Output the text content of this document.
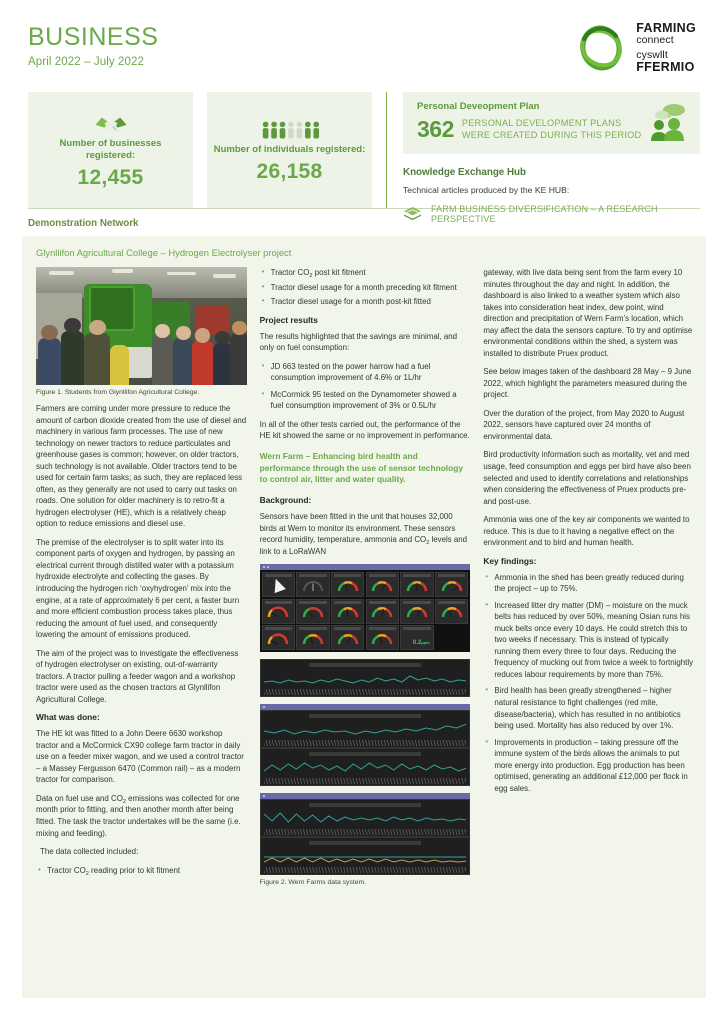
BUSINESS
April 2022 – July 2022
FARMING
connect
cyswllt
FFERMIO
Number of businesses registered:
12,455
Number of individuals registered:
26,158
Personal Deveopment Plan
362 PERSONAL DEVELOPMENT PLANS WERE CREATED DURING THIS PERIOD
Knowledge Exchange Hub
Technical articles produced by the KE HUB:
FARM BUSINESS DIVERSIFICATION – A RESEARCH PERSPECTIVE
Demonstration Network
Glynllifon Agricultural College – Hydrogen Electrolyser project
Figure 1. Students from Glynllifon Agricultural College.

Farmers are coming under more pressure to reduce the amount of carbon dioxide created from the use of diesel and machinery in various farm processes. The use of new technology on newer tractors to reduce particulates and greenhouse gases is common; however, on older tractors, such technology is not available. Older tractors tend to be used for certain farm tasks; as such, they are replaced less often, as they generally are not used to carry out tasks on roads. One solution for older machinery is to retro-fit a hydrogen electrolyser (HE), which is a relatively cheap option to reduce emissions and diesel use.

The premise of the electrolyser is to split water into its component parts of oxygen and hydrogen, by passing an electrical current through distilled water with a potassium hydroxide electrolyte and collecting the gases. By introducing the hydrogen rich ‘oxyhydrogen’ mix into the engine, at a rate of approximately 6 per cent, a faster burn and more efficient combustion process takes place, thus reducing the amount of fuel used, and consequently lowering the amount of emissions produced.

The aim of the project was to investigate the effectiveness of hydrogen electrolyser on existing, out-of-warranty tractors. A tractor pulling a feeder wagon and a workshop tractor were used as the chosen tractors at Glynllifon Agricultural College.

What was done:

The HE kit was fitted to a John Deere 6630 workshop tractor and a McCormick CX90 college farm tractor in daily use on a feeder mixer wagon, and we used a control tractor – a Massey Fergusson 6470 (Common rail) – as a modern tractor for comparison.

Data on fuel use and $CO_2$ emissions was collected for one month prior to fitting, and then another month after being fitted. The task the tractor undertakes will be the same (i.e. mixing and feeding).

The data collected included:

• Tractor $CO_2$ reading prior to kit fitment
• Tractor $CO_2$ post kit fitment
• Tractor diesel usage for a month preceding kit fitment
• Tractor diesel usage for a month post-kit fitted
Project results

The results highlighted that the savings are minimal, and only on fuel consumption:

• JD 663 tested on the power harrow had a fuel consumption improvement of 4.6% or 1L/hr
• McCormick 95 tested on the Dynamometer showed a fuel consumption improvement of 3% or 0.5L/hr

In all of the other tests carried out, the performance of the HE kit showed the same or no improvement in performance.

Wern Farm – Enhancing bird health and performance through the use of sensor technology to control air, litter and water quality.
Background:

Sensors have been fitted in the unit that houses 32,000 birds at Wern to monitor its environment. These sensors record humidity, temperature, ammonia and $CO_2$ levels and link to a LoRaWAN

0.2ppm
Figure 2. Wern Farms data system.

gateway, with live data being sent from the farm every 10 minutes throughout the day and night. In addition, the dashboard is also linked to a weather system which also takes into consideration heat index, dew point, wind direction and precipitation of Wern Farm’s location, which may affect the data the sensors capture. To try and optimise environmental conditions within the shed, a system was installed to distribute Pruex product.

See below images taken of the dashboard 28 May – 9 June 2022, which highlight the parameters measured during the project.

Over the duration of the project, from May 2020 to August 2022, sensors have captured over 24 months of environmental data.

Bird productivity information such as mortality, vet and med usage, feed consumption and eggs per bird have also been selected and used to identify correlations and relationships when considering the effectiveness of Pruex products pre- and post-use.

Ammonia was one of the key air components we wanted to reduce. This is due to it having a negative effect on the environment and to bird and human health.

Key findings:
• Ammonia in the shed has been greatly reduced during the project – up to 75%.
• Increased litter dry matter (DM) – moisture on the muck belts has reduced by over 50%, meaning Osian runs his muck belts once every 10 days. He could stretch this to two weeks if necessary. This is instead of typically running them every three to four days. Reducing the frequency of mucking out from twice a week to fortnightly reduces labour requirements by more than 75%.
• Bird health has been greatly strengthened – higher natural resistance to fight challenges (red mite, disease/bacteria), which has resulted in no antibiotics being used. Mortality has also reduced by over 1%.
• Improvements in production – taking pressure off the immune system of the birds allows the animals to put more energy into production. Egg production has been optimised, generating an additional £12,000 per flock in egg sales.
